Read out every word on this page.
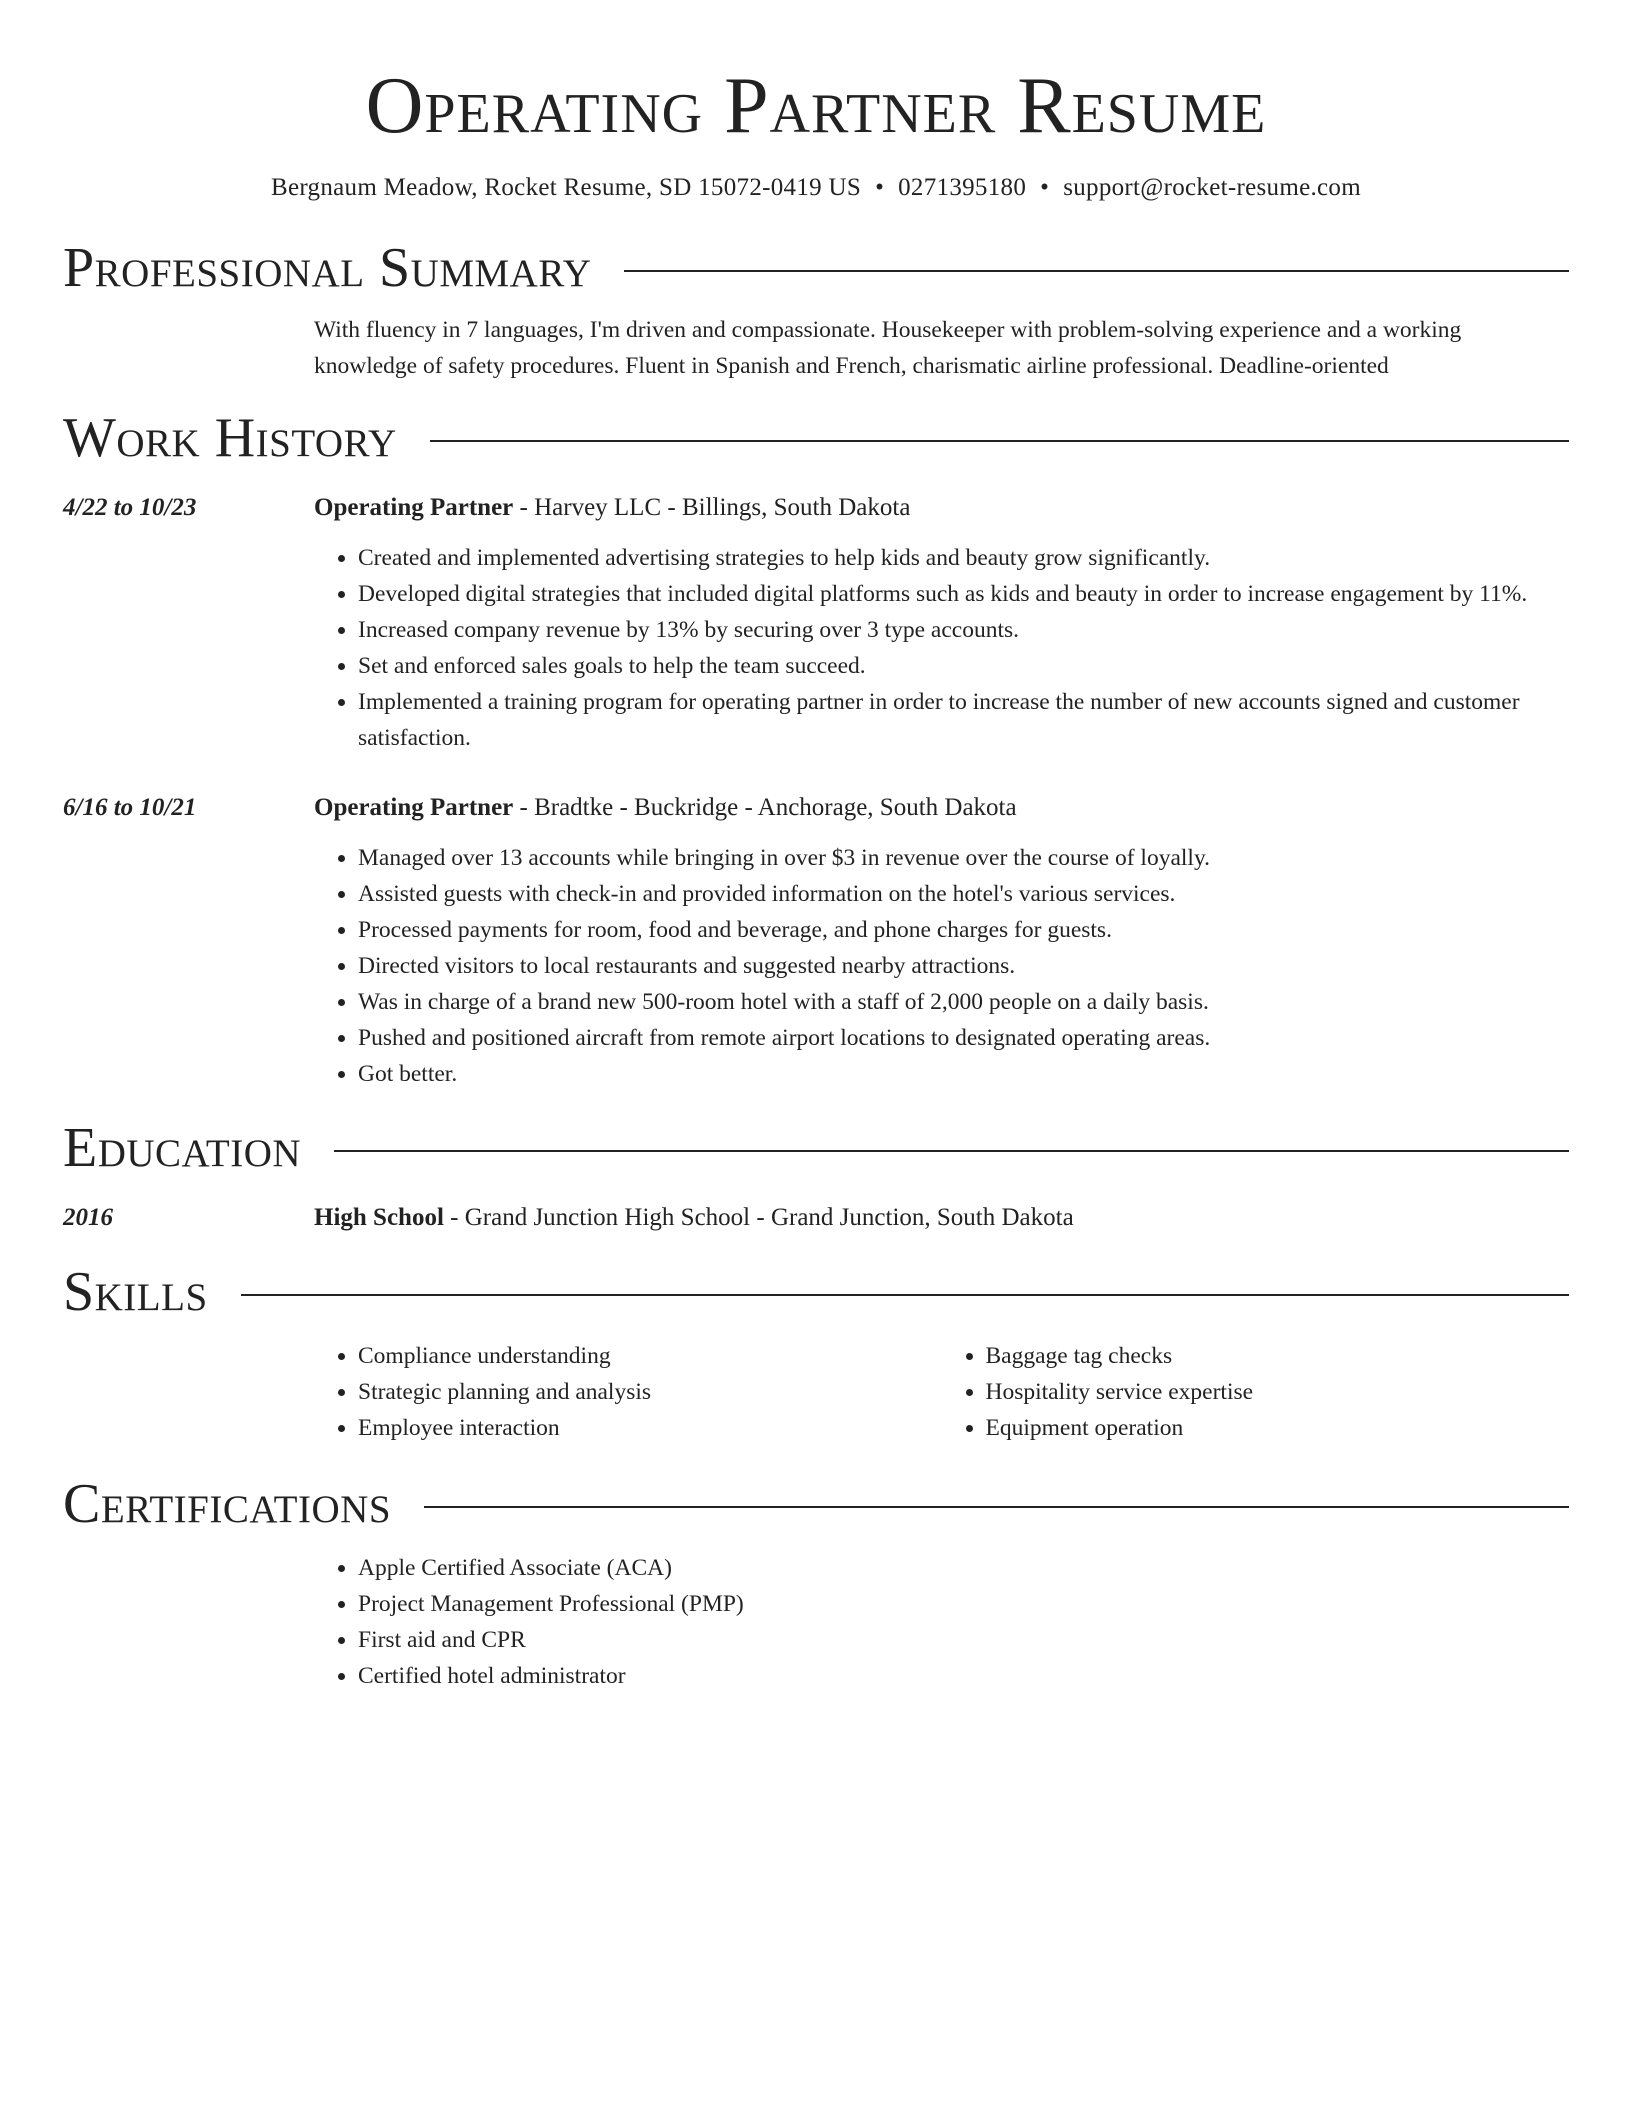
Operating Partner Resume
Bergnaum Meadow, Rocket Resume, SD 15072-0419 US • 0271395180 • support@rocket-resume.com
Professional Summary
With fluency in 7 languages, I'm driven and compassionate. Housekeeper with problem-solving experience and a working knowledge of safety procedures. Fluent in Spanish and French, charismatic airline professional. Deadline-oriented
Work History
4/22 to 10/23	Operating Partner - Harvey LLC - Billings, South Dakota
• Created and implemented advertising strategies to help kids and beauty grow significantly.
• Developed digital strategies that included digital platforms such as kids and beauty in order to increase engagement by 11%.
• Increased company revenue by 13% by securing over 3 type accounts.
• Set and enforced sales goals to help the team succeed.
• Implemented a training program for operating partner in order to increase the number of new accounts signed and customer satisfaction.
6/16 to 10/21	Operating Partner - Bradtke - Buckridge - Anchorage, South Dakota
• Managed over 13 accounts while bringing in over $3 in revenue over the course of loyally.
• Assisted guests with check-in and provided information on the hotel's various services.
• Processed payments for room, food and beverage, and phone charges for guests.
• Directed visitors to local restaurants and suggested nearby attractions.
• Was in charge of a brand new 500-room hotel with a staff of 2,000 people on a daily basis.
• Pushed and positioned aircraft from remote airport locations to designated operating areas.
• Got better.
Education
2016	High School - Grand Junction High School - Grand Junction, South Dakota
Skills
• Compliance understanding
• Strategic planning and analysis
• Employee interaction
• Baggage tag checks
• Hospitality service expertise
• Equipment operation
Certifications
• Apple Certified Associate (ACA)
• Project Management Professional (PMP)
• First aid and CPR
• Certified hotel administrator
